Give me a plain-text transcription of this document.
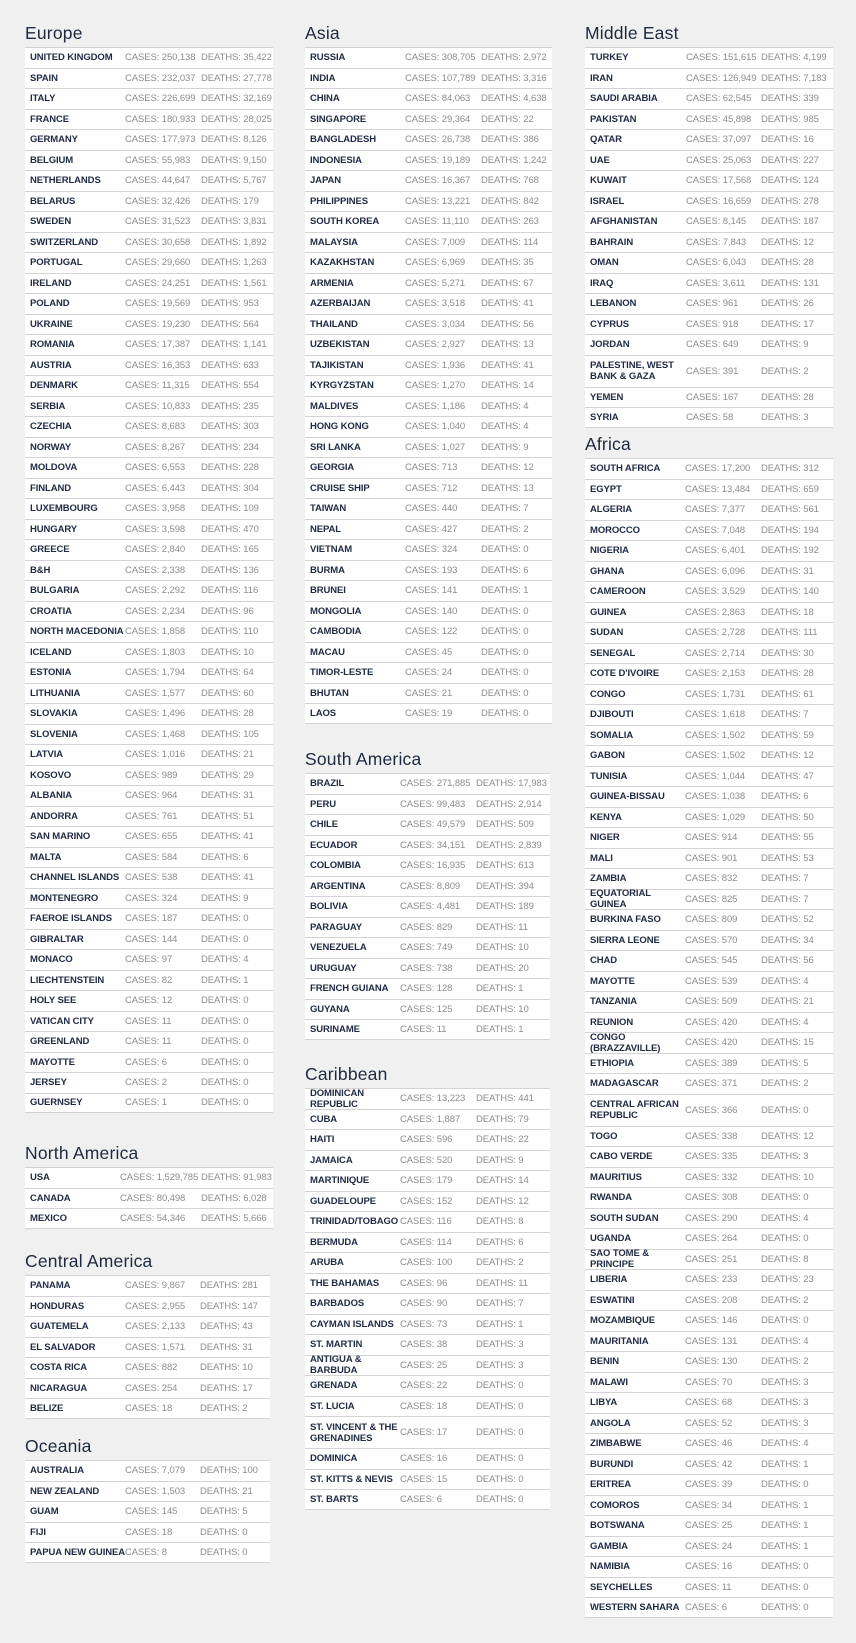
Europe
UNITED KINGDOM	CASES: 250,138 DEATHS: 35,422
SPAIN	CASES: 232,037 DEATHS: 27,778
ITALY	CASES: 226,699 DEATHS: 32,169
FRANCE	CASES: 180,933 DEATHS: 28,025
GERMANY	CASES: 177,973 DEATHS: 8,126
BELGIUM	CASES: 55,983	DEATHS: 9,150
NETHERLANDS	CASES: 44,647	DEATHS: 5,767
BELARUS	CASES: 32,426	DEATHS: 179
SWEDEN	CASES: 31,523	DEATHS: 3,831
SWITZERLAND	CASES: 30,658	DEATHS: 1,892
PORTUGAL	CASES: 29,660	DEATHS: 1,263
IRELAND	CASES: 24,251	DEATHS: 1,561
POLAND	CASES: 19,569	DEATHS: 953
UKRAINE	CASES: 19,230	DEATHS: 564
ROMANIA	CASES: 17,387	DEATHS: 1,141
AUSTRIA	CASES: 16,353	DEATHS: 633
DENMARK	CASES: 11,315	DEATHS: 554
SERBIA	CASES: 10,833	DEATHS: 235
CZECHIA	CASES: 8,683	DEATHS: 303
NORWAY	CASES: 8,267	DEATHS: 234
MOLDOVA	CASES: 6,553	DEATHS: 228
FINLAND	CASES: 6,443	DEATHS: 304
LUXEMBOURG	CASES: 3,958	DEATHS: 109
HUNGARY	CASES: 3,598	DEATHS: 470
GREECE	CASES: 2,840	DEATHS: 165
B&H	CASES: 2,338	DEATHS: 136
BULGARIA	CASES: 2,292	DEATHS: 116
CROATIA	CASES: 2,234	DEATHS: 96
NORTH MACEDONIA CASES: 1,858	DEATHS: 110
ICELAND	CASES: 1,803	DEATHS: 10
ESTONIA	CASES: 1,794	DEATHS: 64
LITHUANIA	CASES: 1,577	DEATHS: 60
SLOVAKIA	CASES: 1,496	DEATHS: 28
SLOVENIA	CASES: 1,468	DEATHS: 105
LATVIA	CASES: 1,016	DEATHS: 21
KOSOVO	CASES: 989	DEATHS: 29
ALBANIA	CASES: 964	DEATHS: 31
ANDORRA	CASES: 761	DEATHS: 51
SAN MARINO	CASES: 655	DEATHS: 41
MALTA	CASES: 584	DEATHS: 6
CHANNEL ISLANDS CASES: 538	DEATHS: 41
MONTENEGRO	CASES: 324	DEATHS: 9
FAEROE ISLANDS	CASES: 187	DEATHS: 0
GIBRALTAR	CASES: 144	DEATHS: 0
MONACO	CASES: 97	DEATHS: 4
LIECHTENSTEIN	CASES: 82	DEATHS: 1
HOLY SEE	CASES: 12	DEATHS: 0
VATICAN CITY	CASES: 11	DEATHS: 0
GREENLAND	CASES: 11	DEATHS: 0
MAYOTTE	CASES: 6	DEATHS: 0
JERSEY	CASES: 2	DEATHS: 0
GUERNSEY	CASES: 1	DEATHS: 0
North America
USA	CASES: 1,529,785 DEATHS: 91,983
CANADA	CASES: 80,498	DEATHS: 6,028
MEXICO	CASES: 54,346	DEATHS: 5,666
Central America
PANAMA	CASES: 9,867	DEATHS: 281
HONDURAS	CASES: 2,955	DEATHS: 147
GUATEMELA	CASES: 2,133	DEATHS: 43
EL SALVADOR	CASES: 1,571	DEATHS: 31
COSTA RICA	CASES: 882	DEATHS: 10
NICARAGUA	CASES: 254	DEATHS: 17
BELIZE	CASES: 18	DEATHS: 2
Oceania
AUSTRALIA	CASES: 7,079	DEATHS: 100
NEW ZEALAND	CASES: 1,503	DEATHS: 21
GUAM	CASES: 145	DEATHS: 5
FIJI	CASES: 18	DEATHS: 0
PAPUA NEW GUINEA CASES: 8	DEATHS: 0
Asia
RUSSIA	CASES: 308,705 DEATHS: 2,972
INDIA	CASES: 107,789 DEATHS: 3,316
CHINA	CASES: 84,063	DEATHS: 4,638
SINGAPORE	CASES: 29,364	DEATHS: 22
BANGLADESH	CASES: 26,738	DEATHS: 386
INDONESIA	CASES: 19,189	DEATHS: 1,242
JAPAN	CASES: 16,367	DEATHS: 768
PHILIPPINES	CASES: 13,221	DEATHS: 842
SOUTH KOREA	CASES: 11,110	DEATHS: 263
MALAYSIA	CASES: 7,009	DEATHS: 114
KAZAKHSTAN	CASES: 6,969	DEATHS: 35
ARMENIA	CASES: 5,271	DEATHS: 67
AZERBAIJAN	CASES: 3,518	DEATHS: 41
THAILAND	CASES: 3,034	DEATHS: 56
UZBEKISTAN	CASES: 2,927	DEATHS: 13
TAJIKISTAN	CASES: 1,936	DEATHS: 41
KYRGYZSTAN	CASES: 1,270	DEATHS: 14
MALDIVES	CASES: 1,186	DEATHS: 4
HONG KONG	CASES: 1,040	DEATHS: 4
SRI LANKA	CASES: 1,027	DEATHS: 9
GEORGIA	CASES: 713	DEATHS: 12
CRUISE SHIP	CASES: 712	DEATHS: 13
TAIWAN	CASES: 440	DEATHS: 7
NEPAL	CASES: 427	DEATHS: 2
VIETNAM	CASES: 324	DEATHS: 0
BURMA	CASES: 193	DEATHS: 6
BRUNEI	CASES: 141	DEATHS: 1
MONGOLIA	CASES: 140	DEATHS: 0
CAMBODIA	CASES: 122	DEATHS: 0
MACAU	CASES: 45	DEATHS: 0
TIMOR-LESTE	CASES: 24	DEATHS: 0
BHUTAN	CASES: 21	DEATHS: 0
LAOS	CASES: 19	DEATHS: 0
South America
BRAZIL	CASES: 271,885 DEATHS: 17,983
PERU	CASES: 99,483	DEATHS: 2,914
CHILE	CASES: 49,579	DEATHS: 509
ECUADOR	CASES: 34,151	DEATHS: 2,839
COLOMBIA	CASES: 16,935	DEATHS: 613
ARGENTINA	CASES: 8,809	DEATHS: 394
BOLIVIA	CASES: 4,481	DEATHS: 189
PARAGUAY	CASES: 829	DEATHS: 11
VENEZUELA	CASES: 749	DEATHS: 10
URUGUAY	CASES: 738	DEATHS: 20
FRENCH GUIANA	CASES: 128	DEATHS: 1
GUYANA	CASES: 125	DEATHS: 10
SURINAME	CASES: 11	DEATHS: 1
Caribbean
DOMINICAN REPUBLIC	CASES: 13,223	DEATHS: 441
CUBA	CASES: 1,887	DEATHS: 79
HAITI	CASES: 596	DEATHS: 22
JAMAICA	CASES: 520	DEATHS: 9
MARTINIQUE	CASES: 179	DEATHS: 14
GUADELOUPE	CASES: 152	DEATHS: 12
TRINIDAD/TOBAGO CASES: 116	DEATHS: 8
BERMUDA	CASES: 114	DEATHS: 6
ARUBA	CASES: 100	DEATHS: 2
THE BAHAMAS	CASES: 96	DEATHS: 11
BARBADOS	CASES: 90	DEATHS: 7
CAYMAN ISLANDS CASES: 73	DEATHS: 1
ST. MARTIN	CASES: 38	DEATHS: 3
ANTIGUA & BARBUDA	CASES: 25	DEATHS: 3
GRENADA	CASES: 22	DEATHS: 0
ST. LUCIA	CASES: 18	DEATHS: 0
ST. VINCENT & THE GRENADINES	CASES: 17	DEATHS: 0
DOMINICA	CASES: 16	DEATHS: 0
ST. KITTS & NEVIS CASES: 15	DEATHS: 0
ST. BARTS	CASES: 6	DEATHS: 0
Middle East
TURKEY	CASES: 151,615 DEATHS: 4,199
IRAN	CASES: 126,949 DEATHS: 7,183
SAUDI ARABIA	CASES: 62,545	DEATHS: 339
PAKISTAN	CASES: 45,898	DEATHS: 985
QATAR	CASES: 37,097	DEATHS: 16
UAE	CASES: 25,063	DEATHS: 227
KUWAIT	CASES: 17,568	DEATHS: 124
ISRAEL	CASES: 16,659	DEATHS: 278
AFGHANISTAN	CASES: 8,145	DEATHS: 187
BAHRAIN	CASES: 7,843	DEATHS: 12
OMAN	CASES: 6,043	DEATHS: 28
IRAQ	CASES: 3,611	DEATHS: 131
LEBANON	CASES: 961	DEATHS: 26
CYPRUS	CASES: 918	DEATHS: 17
JORDAN	CASES: 649	DEATHS: 9
PALESTINE, WEST BANK & GAZA	CASES: 391	DEATHS: 2
YEMEN	CASES: 167	DEATHS: 28
SYRIA	CASES: 58	DEATHS: 3
Africa
SOUTH AFRICA	CASES: 17,200	DEATHS: 312
EGYPT	CASES: 13,484	DEATHS: 659
ALGERIA	CASES: 7,377	DEATHS: 561
MOROCCO	CASES: 7,048	DEATHS: 194
NIGERIA	CASES: 6,401	DEATHS: 192
GHANA	CASES: 6,096	DEATHS: 31
CAMEROON	CASES: 3,529	DEATHS: 140
GUINEA	CASES: 2,863	DEATHS: 18
SUDAN	CASES: 2,728	DEATHS: 111
SENEGAL	CASES: 2,714	DEATHS: 30
COTE D'IVOIRE	CASES: 2,153	DEATHS: 28
CONGO	CASES: 1,731	DEATHS: 61
DJIBOUTI	CASES: 1,618	DEATHS: 7
SOMALIA	CASES: 1,502	DEATHS: 59
GABON	CASES: 1,502	DEATHS: 12
TUNISIA	CASES: 1,044	DEATHS: 47
GUINEA-BISSAU	CASES: 1,038	DEATHS: 6
KENYA	CASES: 1,029	DEATHS: 50
NIGER	CASES: 914	DEATHS: 55
MALI	CASES: 901	DEATHS: 53
ZAMBIA	CASES: 832	DEATHS: 7
EQUATORIAL GUINEA	CASES: 825	DEATHS: 7
BURKINA FASO	CASES: 809	DEATHS: 52
SIERRA LEONE	CASES: 570	DEATHS: 34
CHAD	CASES: 545	DEATHS: 56
MAYOTTE	CASES: 539	DEATHS: 4
TANZANIA	CASES: 509	DEATHS: 21
REUNION	CASES: 420	DEATHS: 4
CONGO (BRAZZAVILLE)	CASES: 420	DEATHS: 15
ETHIOPIA	CASES: 389	DEATHS: 5
MADAGASCAR	CASES: 371	DEATHS: 2
CENTRAL AFRICAN REPUBLIC	CASES: 366	DEATHS: 0
TOGO	CASES: 338	DEATHS: 12
CABO VERDE	CASES: 335	DEATHS: 3
MAURITIUS	CASES: 332	DEATHS: 10
RWANDA	CASES: 308	DEATHS: 0
SOUTH SUDAN	CASES: 290	DEATHS: 4
UGANDA	CASES: 264	DEATHS: 0
SAO TOME & PRINCIPE	CASES: 251	DEATHS: 8
LIBERIA	CASES: 233	DEATHS: 23
ESWATINI	CASES: 208	DEATHS: 2
MOZAMBIQUE	CASES: 146	DEATHS: 0
MAURITANIA	CASES: 131	DEATHS: 4
BENIN	CASES: 130	DEATHS: 2
MALAWI	CASES: 70	DEATHS: 3
LIBYA	CASES: 68	DEATHS: 3
ANGOLA	CASES: 52	DEATHS: 3
ZIMBABWE	CASES: 46	DEATHS: 4
BURUNDI	CASES: 42	DEATHS: 1
ERITREA	CASES: 39	DEATHS: 0
COMOROS	CASES: 34	DEATHS: 1
BOTSWANA	CASES: 25	DEATHS: 1
GAMBIA	CASES: 24	DEATHS: 1
NAMIBIA	CASES: 16	DEATHS: 0
SEYCHELLES	CASES: 11	DEATHS: 0
WESTERN SAHARA CASES: 6	DEATHS: 0
